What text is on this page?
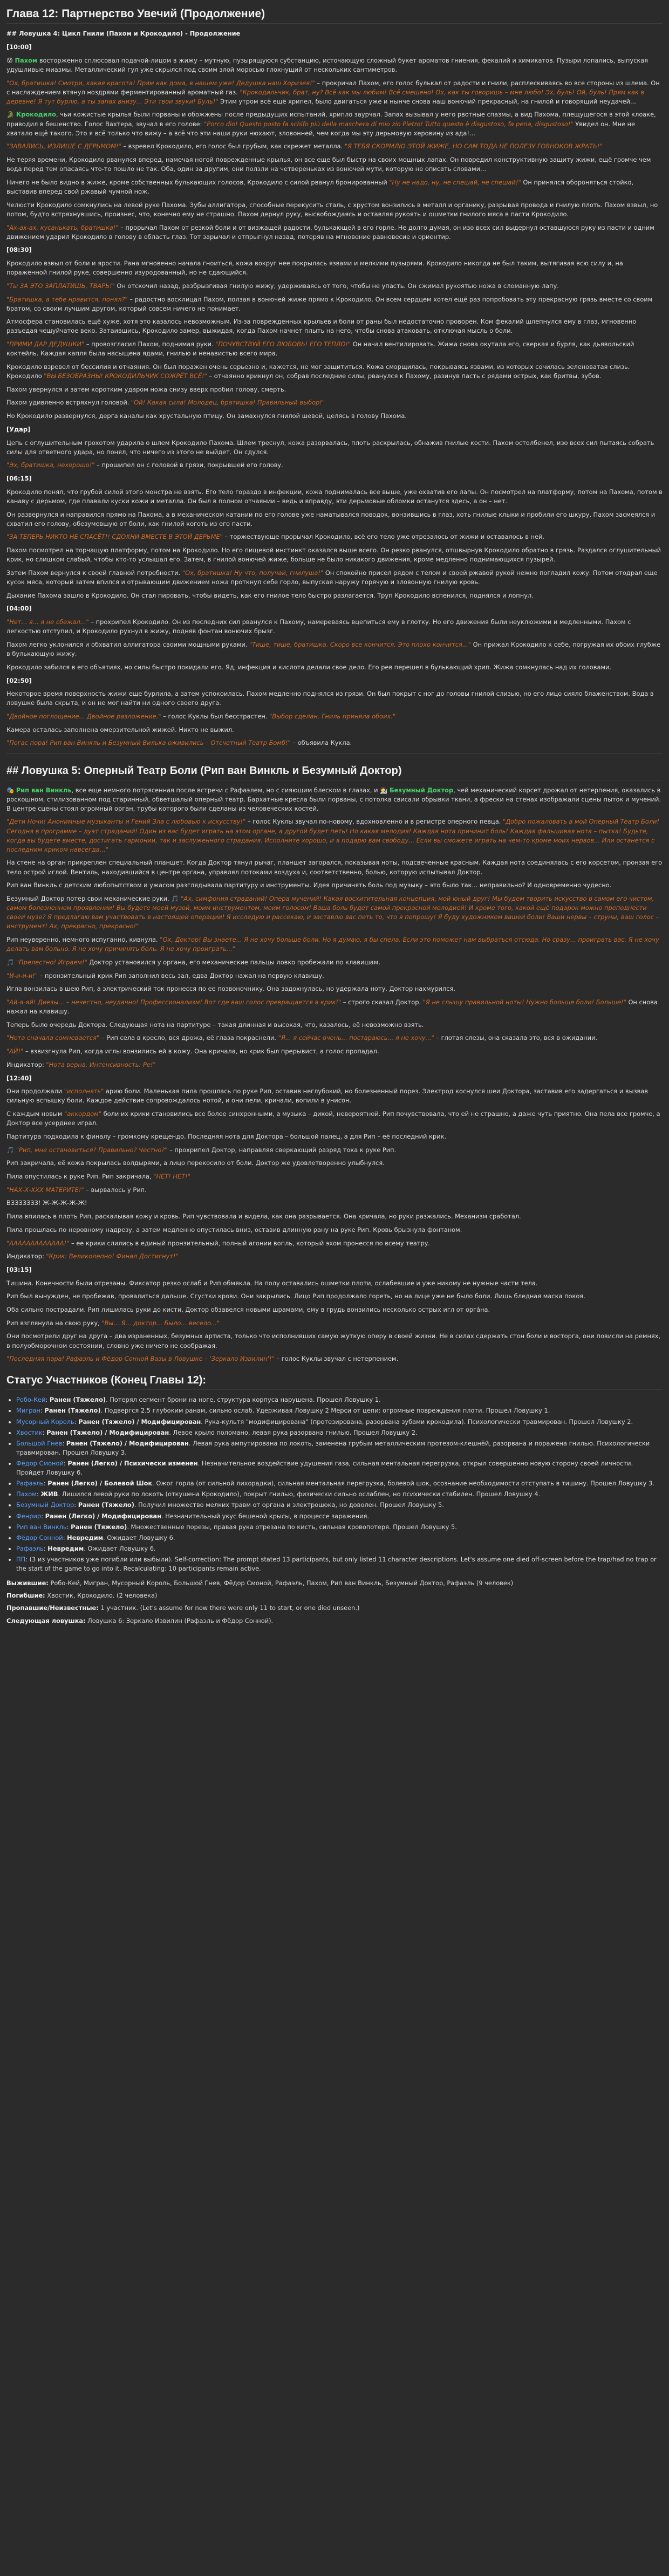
Глава 12: Партнерство Увечий (Продолжение)

## Ловушка 4: Цикл Гнили (Пахом и Крокодило) - Продолжение

[10:00]

😰 Пахом восторженно сплюсовал подачой-лицом в жижу – мутную, пузырящуюся субстанцию, источающую сложный букет ароматов гниения, фекалий и химикатов. Пузыри лопались, выпуская удушливые миазмы. Металлический гул уже скрылся под своим злой моросью глохнущий от нескольких сантиметров.

"Ох, братишка! Смотри, какая красота! Прям как дома, в нашем уже! Дедушка наш Хоризея!" – прокричал Пахом, его голос булькал от радости и гнили, расплескиваясь во все стороны из шлема. Он с наслаждением втянул ноздрями ферментированный ароматный газ. "Крокодильчик, брат, ну? Всё как мы любим! Всё смешено! Ох, как ты говоришь – мне любо! Эх, буль! Ой, буль! Прям как в деревне! Я тут бурлю, а ты запах внизу... Эти твои звуки! Буль!" Этим утром всё ещё хрипел, было двигаться уже и нынче снова наш вонючий прекрасный, на гнилой и говорящий неудачей...

🐊 Крокодило, чьи кожистые крылья были порваны и обожжены после предыдущих испытаний, хрипло заурчал. Запах вызывал у него рвотные спазмы, а вид Пахома, плещущегося в этой клоаке, приводил в бешенство. Голос Вахтера, звучал в его голове: "Porco dio! Questo posto fa schifo più della maschera di mio zio Pietro! Tutto questo è disgustoso, fa pena, disgustoso!" Увидел он. Мне не хватало ещё такого. Это я всё только что вижу – а всё что эти наши руки нюхают, зловонней, чем когда мы эту дерьмовую херовину из ада!...

"ЗАВАЛИСЬ, ИЗЛИШЕ С ДЕРЬМОМ!" – взревел Крокодило, его голос был грубым, как скрежет металла. "Я ТЕБЯ СКОРМЛЮ ЭТОЙ ЖИЖЕ, НО САМ ТОДА НЕ ПОЛЕЗУ ГОВНОКОВ ЖРАТЬ!"

Не теряя времени, Крокодило рванулся вперед, намечая ногой поврежденные крылья, он все еще был быстр на своих мощных лапах. Он повредил конструктивную защиту жижи, ещё громче чем вода перед тем опасаясь что-то пошло не так. Оба, один за другим, они ползли на четвереньках из вонючей мути, которую не описать словами...

Ничего не было видно в жиже, кроме собственных булькающих голосов, Крокодило с силой рванул бронированный "Ну не надо, ну, не спешай, не спешай!" Он принялся обороняться стойко, выставив вперед свой ржавый чумной нож.

Челюсти Крокодило сомкнулись на левой руке Пахома. Зубы аллигатора, способные перекусить сталь, с хрустом вонзились в металл и органику, разрывая провода и гнилую плоть. Пахом взвыл, но потом, будто встряхнувшись, произнес, что, конечно ему не страшно. Пахом дернул руку, высвобождаясь и оставляя рукоять и ошметки гнилого мяса в пасти Крокодило.

"Ах-ах-ах, кусанькать, братишка!" – прорычал Пахом от резкой боли и от визжащей радости, булькающей в его горле. Не долго думая, он изо всех сил выдернул оставшуюся руку из пасти и одним движением ударил Крокодило в голову в область глаз. Тот зарычал и отпрыгнул назад, потеряв на мгновение равновесие и ориентир.

[08:30]

Крокодило взвыл от боли и ярости. Рана мгновенно начала гноиться, кожа вокруг нее покрылась язвами и мелкими пузырями. Крокодило никогда не был таким, вытягивая всю силу и, на поражённой гнилой руке, совершенно изуродованный, но не сдающийся.

"Ты ЗА ЭТО ЗАПЛАТИШЬ, ТВАРЬ!" Он отскочил назад, разбрызгивая гнилую жижу, удерживаясь от того, чтобы не упасть. Он сжимал рукоятью ножа в сломанную лапу.

"Братишка, а тебе нравится, понял?" – радостно восклицал Пахом, ползая в вонючей жиже прямо к Крокодило. Он всем сердцем хотел ещё раз попробовать эту прекрасную грязь вместе со своим братом, со своим лучшим другом, который совсем ничего не понимает.

Атмосфера становилась ещё хуже, хотя это казалось невозможным. Из-за поврежденных крыльев и боли от раны был недостаточно проворен. Ком фекалий шлепнулся ему в глаз, мгновенно разъедая чешуйчатое веко. Затаившись, Крокодило замер, выжидая, когда Пахом начнет плыть на него, чтобы снова атаковать, отключая мысль о боли.

"ПРИМИ ДАР ДЕДУШКИ" – провозгласил Пахом, поднимая руки. "ПОЧУВСТВУЙ ЕГО ЛЮБОВЬ! ЕГО ТЕПЛО!" Он начал вентилировать. Жижа снова окутала его, сверкая и бурля, как дьявольский коктейль. Каждая капля была насыщена ядами, гнилью и ненавистью всего мира.

Крокодило взревел от бессилия и отчаяния. Он был поражен очень серьезно и, кажется, не мог защититься. Кожа сморщилась, покрываясь язвами, из которых сочилась зеленоватая слизь. Крокодило "ВЫ БЕЗОБРАЗНЫ! КРОКОДИЛЬЧИК СОЖРЁТ ВСЁ!" – отчаянно крикнул он, собрав последние силы, рванулся к Пахому, разинув пасть с рядами острых, как бритвы, зубов.

Пахом увернулся и затем коротким ударом ножа снизу вверх пробил голову, смерть.

Пахом удивленно встряхнул головой. "Ой! Какая сила! Молодец, братишка! Правильный выбор!"

Но Крокодило развернулся, дерга каналы как хрустальную птицу. Он замахнулся гнилой шевой, целясь в голову Пахома.

[Удар]

Цепь с оглушительным грохотом ударила о шлем Крокодило Пахома. Шлем треснул, кожа разорвалась, плоть раскрылась, обнажив гнилые кости. Пахом остолбенел, изо всех сил пытаясь собрать силы для ответного удара, но понял, что ничего из этого не выйдет. Он сдулся.

"Эх, братишка, нехорошо!" – прошипел он с головой в грязи, покрывшей его голову.

[06:15]

Крокодило понял, что грубой силой этого монстра не взять. Его тело гораздо в инфекции, кожа поднималась все выше, уже охватив его лапы. Он посмотрел на платформу, потом на Пахома, потом в канаву с дерьмом, где плавали куски кожи и металла. Он был в полном отчаянии – ведь и вправду, эти дерьмовые обломки останутся здесь, а он – нет.

Он развернулся и направился прямо на Пахома, а в механическом катании по его голове уже наматывался поводок, вонзившись в глаз, хоть гнилые клыки и пробили его шкуру, Пахом засмеялся и схватил его голову, обезумевшую от боли, как гнилой коготь из его пасти.

"ЗА ТЕПЕРЬ НИКТО НЕ СПАСЁТ!! СДОХНИ ВМЕСТЕ В ЭТОЙ ДЕРЬМЕ" – торжествующе прорычал Крокодило, всё его тело уже отрезалось от жижи и оставалось в ней.

Пахом посмотрел на торчащую платформу, потом на Крокодило. Но его пищевой инстинкт оказался выше всего. Он резко рванулся, отшвырнув Крокодило обратно в грязь. Раздался оглушительный крик, но слишком слабый, чтобы кто-то услышал его. Затем, в гнилой вонючей жиже, больше не было никакого движения, кроме медленно поднимающихся пузырей.

Затем Пахом вернулся к своей главной потребности. "Ох, братишка! Ну что, получай, гнилуша!" Он спокойно присел рядом с телом и своей ржавой рукой нежно погладил кожу. Потом отодрал еще кусок мяса, который затем впился и отрывающим движением ножа проткнул себе горло, выпуская наружу горячую и зловонную гнилую кровь.

Дыхание Пахома зашло в Крокодило. Он стал пировать, чтобы видеть, как его гнилое тело быстро разлагается. Труп Крокодило вспенился, поднялся и лопнул.

[04:00]

"Нет... я... я не сбежал..." – прохрипел Крокодило. Он из последних сил рванулся к Пахому, намереваясь вцепиться ему в глотку. Но его движения были неуклюжими и медленными. Пахом с легкостью отступил, и Крокодило рухнул в жижу, подняв фонтан вонючих брызг.

Пахом легко уклонился и обхватил аллигатора своими мощными руками. "Тише, тише, братишка. Скоро все кончится. Это плохо кончится..." Он прижал Крокодило к себе, погружая их обоих глубже в булькающую жижу.

Крокодило забился в его объятиях, но силы быстро покидали его. Яд, инфекция и кислота делали свое дело. Его рев перешел в булькающий хрип. Жижа сомкнулась над их головами.

[02:50]

Некоторое время поверхность жижи еще бурлила, а затем успокоилась. Пахом медленно поднялся из грязи. Он был покрыт с ног до головы гнилой слизью, но его лицо сияло блаженством. Вода в ловушке была скрыта, и он не мог найти ни одного своего друга.

"Двойное поглощение... Двойное разложение." – голос Куклы был бесстрастен. "Выбор сделан. Гниль приняла обоих."

Камера осталась заполнена омерзительной жижей. Никто не выжил.

"Погас пора! Рип ван Винкль и Безумный Вилька оживились – Отсчетный Театр Бомб!" – объявила Кукла.

## Ловушка 5: Оперный Театр Боли (Рип ван Винкль и Безумный Доктор)

🎭 Рип ван Винкль, все еще немного потрясенная после встречи с Рафаэлем, но с сияющим блеском в глазах, и 🧑‍🔬 Безумный Доктор, чей механический корсет дрожал от нетерпения, оказались в роскошном, стилизованном под старинный, обветшалый оперный театр. Бархатные кресла были порваны, с потолка свисали обрывки ткани, а фрески на стенах изображали сцены пыток и мучений. В центре сцены стоял огромный орган, трубы которого были сделаны из человеческих костей.

"Дети Ночи! Анонимные музыканты и Гений Зла с любовью к искусству!" – голос Куклы звучал по-новому, вдохновленно и в регистре оперного певца. "Добро пожаловать в мой Оперный Театр Боли! Сегодня в программе – дуэт страданий! Один из вас будет играть на этом органе, а другой будет петь! Но какая мелодия! Каждая нота причинит боль! Каждая фальшивая нота – пытка! Будьте, когда вы будете вместе, достигать гармонии, так и заслуженного страдания. Исполните хорошо, и я подарю вам свободу... Если вы сможете играть на чем-то кроме моих нервов... Или останется с последним криком навсегда..."

На стене на орган прикреплен специальный планшет. Когда Доктор тянул рычаг, планшет загорался, показывая ноты, подсвеченные красным. Каждая нота соединялась с его корсетом, пронзая его тело острой иглой. Вентиль, находившийся в центре органа, управлял потоками воздуха и, соответственно, болью, которую испытывал Доктор.

Рип ван Винкль с детским любопытством и ужасом разглядывала партитуру и инструменты. Идея причинять боль под музыку – это было так... неправильно? И одновременно чудесно.

Безумный Доктор потер свои механические руки. 🎵 "Ах, симфония страданий! Опера мучений! Какая восхитительная концепция, мой юный друг! Мы будем творить искусство в самом его чистом, самом болезненном проявлении! Вы будете моей музой, моим инструментом, моим голосом! Ваша боль будет самой прекрасной мелодией! И кроме того, какой ещё подарок можно преподнести своей музе? Я предлагаю вам участвовать в настоящей операции! Я исследую и рассекаю, и заставлю вас петь то, что я попрошу! Я буду художником вашей боли! Ваши нервы – струны, ваш голос – инструмент! Ах, прекрасно, прекрасно!"

Рип неуверенно, немного испуганно, кивнула. "Ох, Доктор! Вы знаете... Я не хочу больше боли. Но я думаю, я бы спела. Если это поможет нам выбраться отсюда. Но сразу... проиграть вас. Я не хочу делать вам больно. Я не хочу причинять боль. Я не хочу проиграть..."

🎵 "Прелестно! Играем!" Доктор установился у органа, его механические пальцы ловко пробежали по клавишам.

"И-и-и-и!" – пронзительный крик Рип заполнил весь зал, едва Доктор нажал на первую клавишу.

Игла вонзилась в шею Рип, а электрический ток пронесся по ее позвоночнику. Она задохнулась, но удержала ноту. Доктор нахмурился.

"Ай-я-яй! Диезы... – нечестно, неудачно! Профессионализм! Вот где ваш голос превращается в крик!" – строго сказал Доктор. "Я не слышу правильной ноты! Нужно больше боли! Больше!" Он снова нажал на клавишу.

Теперь было очередь Доктора. Следующая нота на партитуре – такая длинная и высокая, что, казалось, её невозможно взять.

"Нота сначала сомневается" – Рип села в кресло, вся дрожа, её глаза покраснели. "Я... я сейчас очень... постараюсь... я не хочу..." – глотая слезы, она сказала это, вся в ожидании.

"АЙ!" – взвизгнула Рип, когда иглы вонзились ей в кожу. Она кричала, но крик был прерывист, а голос пропадал.

Индикатор: "Нота верна. Интенсивность: Ре!"

[12:40]

Они продолжали "исполнять" арию боли. Маленькая пила прошлась по руке Рип, оставив неглубокий, но болезненный порез. Электрод коснулся шеи Доктора, заставив его задергаться и вызвав сильную вспышку боли. Каждое действие сопровождалось нотой, и они пели, кричали, вопили в унисон.

С каждым новым "аккордом" боли их крики становились все более синхронными, а музыка – дикой, невероятной. Рип почувствовала, что ей не страшно, а даже чуть приятно. Она пела все громче, а Доктор все усерднее играл.

Партитура подходила к финалу – громкому крещендо. Последняя нота для Доктора – большой палец, а для Рип – её последний крик.

🎵 "Рип, мне остановиться? Правильно? Честно?" – прохрипел Доктор, направляя сверкающий разряд тока к руке Рип.

Рип закричала, её кожа покрылась волдырями, а лицо перекосило от боли. Доктор же удовлетворенно улыбнулся.

Пила опустилась к руке Рип. Рип закричала, "НЕТ! НЕТ!"

"НАХ-Х-ХХХ МАТЕРИТЕ!" – вырвалось у Рип.

ВЗЗЗЗЗЗЗ! Ж-Ж-Ж-Ж-Ж!

Пила впилась в плоть Рип, раскалывая кожу и кровь. Рип чувствовала и видела, как она разрывается. Она кричала, но руки разжались. Механизм сработал.

Пила прошлась по неровному надрезу, а затем медленно опустилась вниз, оставив длинную рану на руке Рип. Кровь брызнула фонтаном.

"ААААААААААААА!" – ее крики слились в единый пронзительный, полный агонии вопль, который эхом пронесся по всему театру.

Индикатор: "Крик: Великолепно! Финал Достигнут!"

[03:15]

Тишина. Конечности были отрезаны. Фиксатор резко ослаб и Рип обмякла. На полу оставались ошметки плоти, ослабевшие и уже никому не нужные части тела.

Рип был вынужден, не пробежав, провалиться дальше. Сгустки крови. Они закрылись. Лицо Рип продолжало гореть, но на лице уже не было боли. Лишь бледная маска покоя.

Оба сильно пострадали. Рип лишилась руки до кисти, Доктор обзавелся новыми шрамами, ему в грудь вонзились несколько острых игл от орга́на.

Рип взглянула на свою руку, "Вы... Я... доктор... Было... весело..."

Они посмотрели друг на друга – два израненных, безумных артиста, только что исполнивших самую жуткую оперу в своей жизни. Не в силах сдержать стон боли и восторга, они повисли на ремнях, в полуобморочном состоянии, словно уже ничего не соображая.

"Последняя пара! Рафаэль и Фёдор Сонной Вазы в Ловушке – 'Зеркало Извилин'!" – голос Куклы звучал с нетерпением.

Статус Участников (Конец Главы 12):
• Робо-Кей: Ранен (Тяжело). Потерял сегмент брони на ноге, структура корпуса нарушена. Прошел Ловушку 1.
• Мигран: Ранен (Тяжело). Подвергся 2.5 глубоким ранам, сильно ослаб. Удерживая Ловушку 2 Мерси от цепи: огромные повреждения плоти. Прошел Ловушку 1.
• Мусорный Король: Ранен (Тяжело) / Модифицирован. Рука-культя "модифицирована" (протезирована, разорвана зубами крокодила). Психологически травмирован. Прошел Ловушку 2.
• Хвостик: Ранен (Тяжело) / Модифицирован. Левое крыло поломано, левая рука разорвана гнилью. Прошел Ловушку 2.
• Большой Гнев: Ранен (Тяжело) / Модифицирован. Левая рука ампутирована по локоть, заменена грубым металлическим протезом-клешнёй, разорвана и поражена гнилью. Психологически травмирован. Прошел Ловушку 3.
• Фёдор Смоной: Ранен (Легко) / Психически изменен. Незначительное воздействие удушения газа, сильная ментальная перегрузка, открыл совершенно новую сторону своей личности. Пройдёт Ловушку 6.
• Рафаэль: Ранен (Легко) / Болевой Шок. Ожог горла (от сильной лихорадки), сильная ментальная перегрузка, болевой шок, осознание необходимости отступать в тишину. Прошел Ловушку 3.
• Пахом: ЖИВ. Лишился левой руки по локоть (откушена Крокодило), покрыт гнилью, физически сильно ослаблен, но психически стабилен. Прошел Ловушку 4.
• Безумный Доктор: Ранен (Тяжело). Получил множество мелких травм от органа и электрошока, но доволен. Прошел Ловушку 5.
• Фенрир: Ранен (Легко) / Модифицирован. Незначительный укус бешеной крысы, в процессе заражения.
• Рип ван Винкль: Ранен (Тяжело). Множественные порезы, правая рука отрезана по кисть, сильная кровопотеря. Прошел Ловушку 5.
• Фёдор Сонной: Невредим. Ожидает Ловушку 6.
• Рафаэль: Невредим. Ожидает Ловушку 6.
• ПП: (3 из участников уже погибли или выбыли). Self-correction: The prompt stated 13 participants, but only listed 11 character descriptions. Let's assume one died off-screen before the trap/had no trap or the start of the game to go into it. Recalculating: 10 participants remain active.

Выжившие: Робо-Кей, Мигран, Мусорный Король, Большой Гнев, Фёдор Смоной, Рафаэль, Пахом, Рип ван Винкль, Безумный Доктор, Рафаэль (9 человек)

Погибшие: Хвостик, Крокодило. (2 человека)

Пропавшие/Неизвестные: 1 участник. (Let's assume for now there were only 11 to start, or one died unseen.)

Следующая ловушка: Ловушка 6: Зеркало Извилин (Рафаэль и Фёдор Сонной).
